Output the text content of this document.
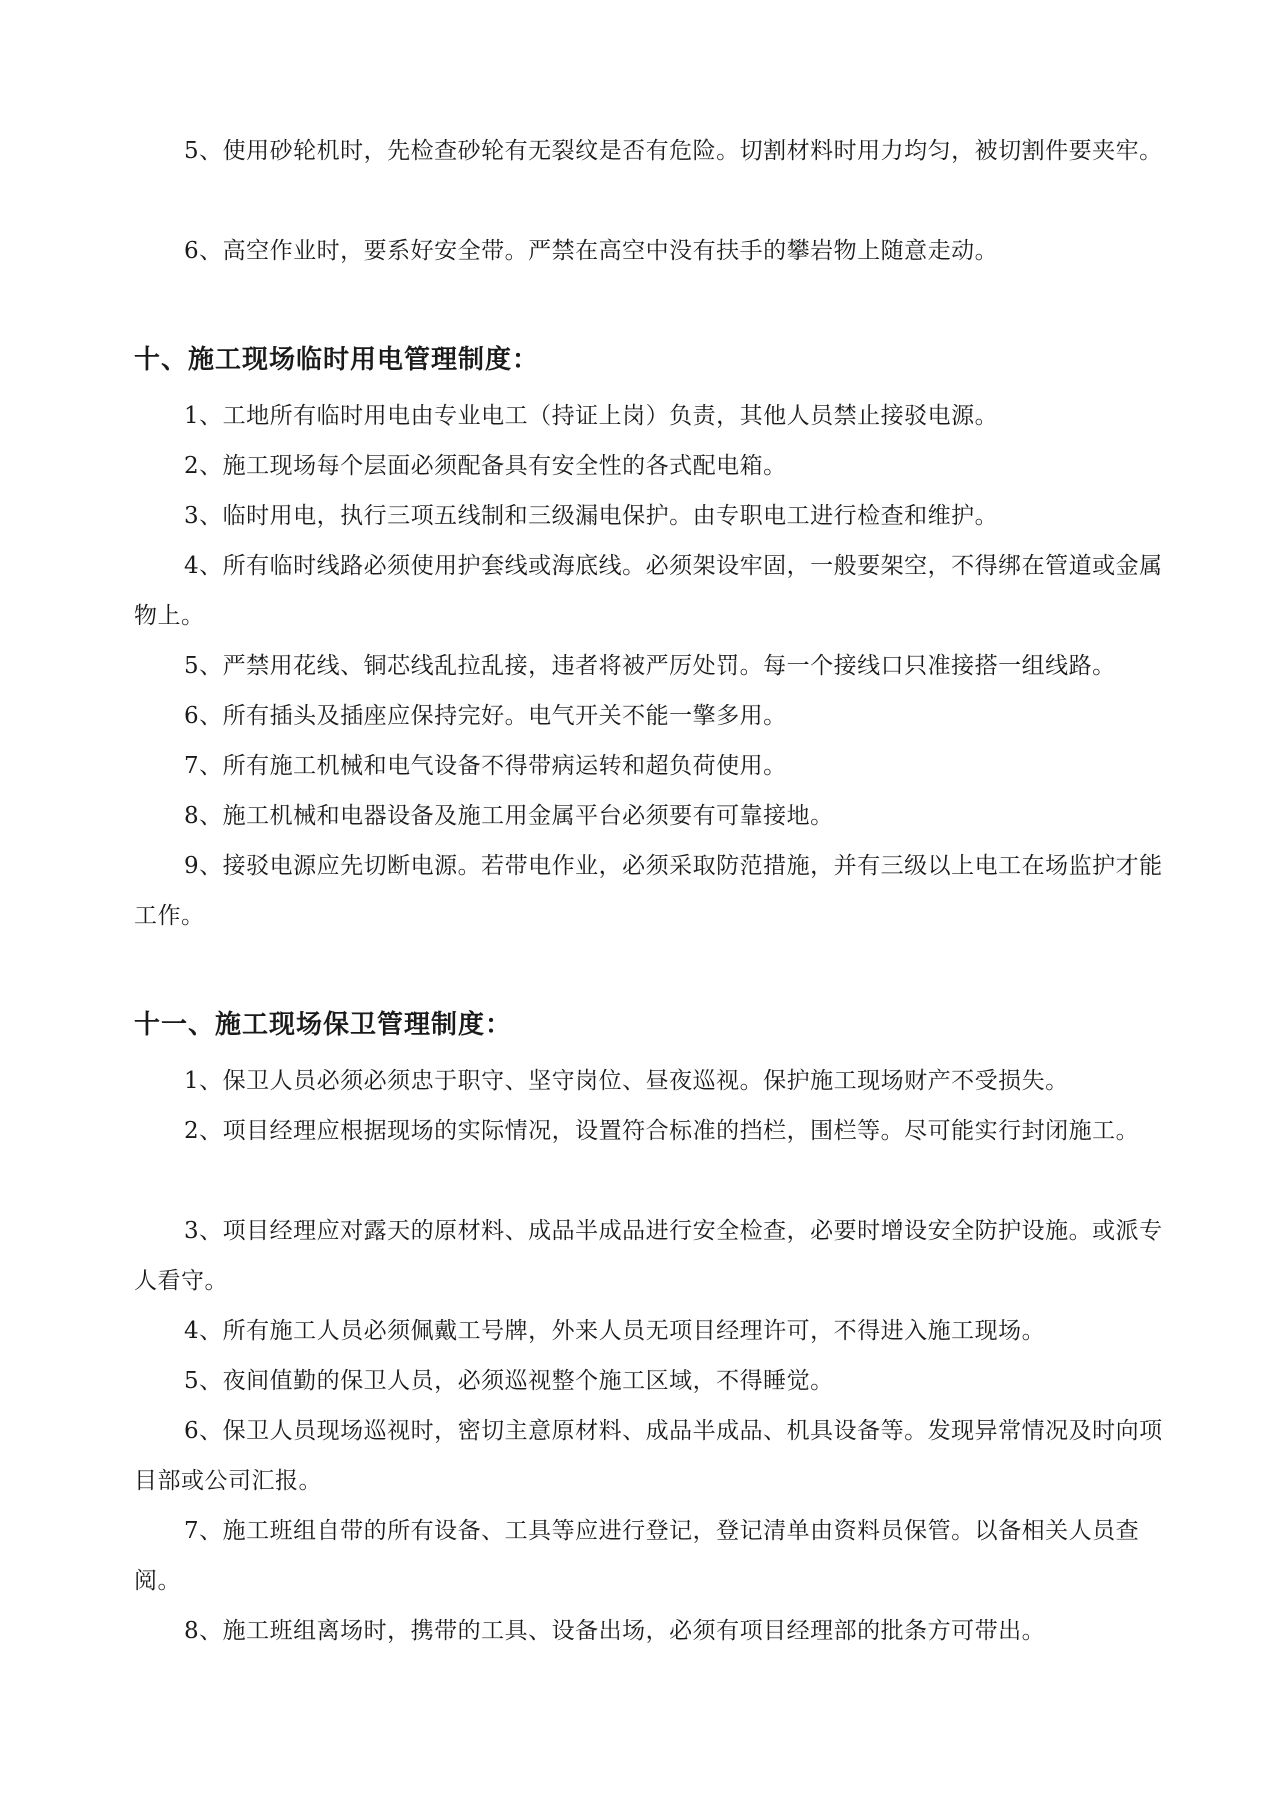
5、使用砂轮机时，先检查砂轮有无裂纹是否有危险。切割材料时用力均匀，被切割件要夹牢。

6、高空作业时，要系好安全带。严禁在高空中没有扶手的攀岩物上随意走动。

十、施工现场临时用电管理制度：

1、工地所有临时用电由专业电工（持证上岗）负责，其他人员禁止接驳电源。

2、施工现场每个层面必须配备具有安全性的各式配电箱。

3、临时用电，执行三项五线制和三级漏电保护。由专职电工进行检查和维护。

4、所有临时线路必须使用护套线或海底线。必须架设牢固，一般要架空，不得绑在管道或金属物上。

5、严禁用花线、铜芯线乱拉乱接，违者将被严厉处罚。每一个接线口只准接搭一组线路。

6、所有插头及插座应保持完好。电气开关不能一擎多用。

7、所有施工机械和电气设备不得带病运转和超负荷使用。

8、施工机械和电器设备及施工用金属平台必须要有可靠接地。

9、接驳电源应先切断电源。若带电作业，必须采取防范措施，并有三级以上电工在场监护才能工作。

十一、施工现场保卫管理制度：

1、保卫人员必须必须忠于职守、坚守岗位、昼夜巡视。保护施工现场财产不受损失。

2、项目经理应根据现场的实际情况，设置符合标准的挡栏，围栏等。尽可能实行封闭施工。

3、项目经理应对露天的原材料、成品半成品进行安全检查，必要时增设安全防护设施。或派专人看守。

4、所有施工人员必须佩戴工号牌，外来人员无项目经理许可，不得进入施工现场。

5、夜间值勤的保卫人员，必须巡视整个施工区域，不得睡觉。

6、保卫人员现场巡视时，密切主意原材料、成品半成品、机具设备等。发现异常情况及时向项目部或公司汇报。

7、施工班组自带的所有设备、工具等应进行登记，登记清单由资料员保管。以备相关人员查阅。

8、施工班组离场时，携带的工具、设备出场，必须有项目经理部的批条方可带出。
